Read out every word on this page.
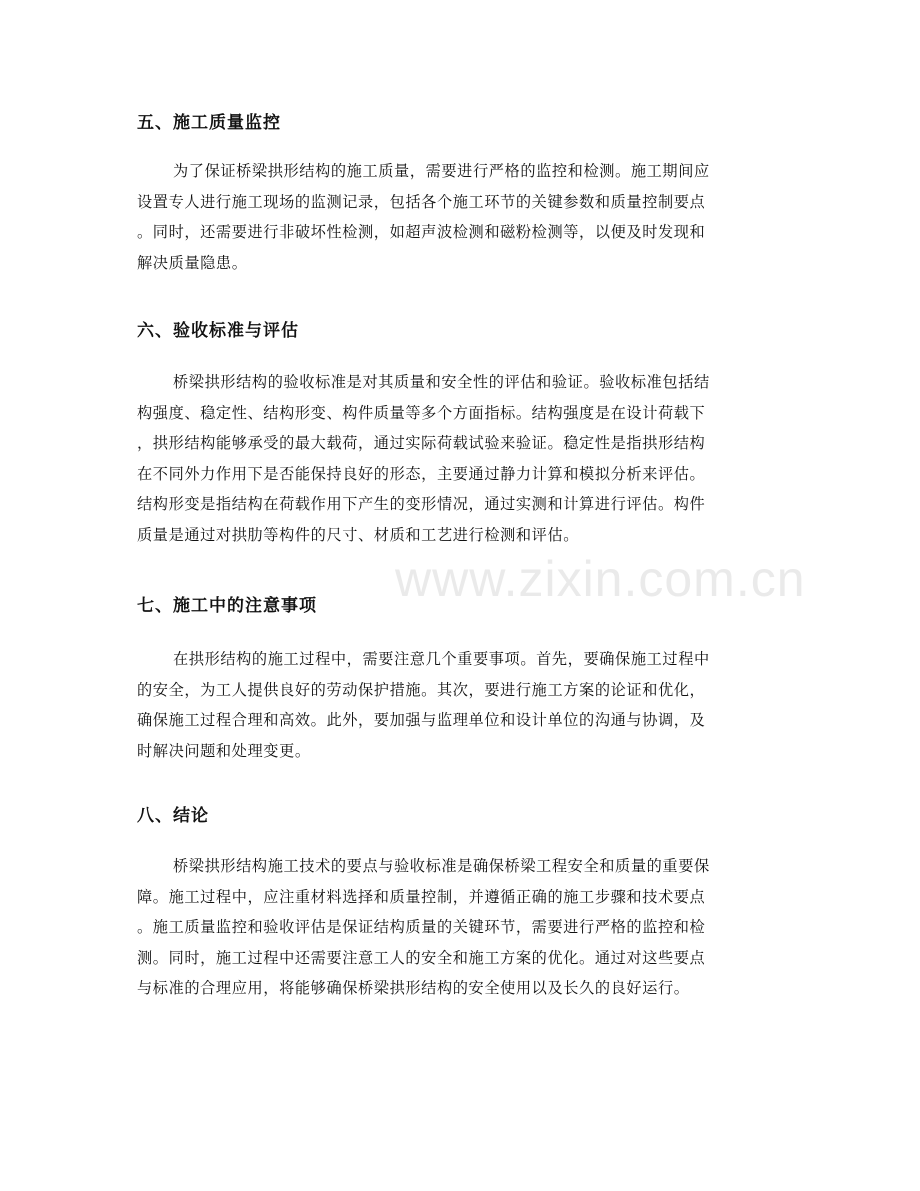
五、施工质量监控
为了保证桥梁拱形结构的施工质量，需要进行严格的监控和检测。施工期间应
设置专人进行施工现场的监测记录，包括各个施工环节的关键参数和质量控制要点
。同时，还需要进行非破坏性检测，如超声波检测和磁粉检测等，以便及时发现和
解决质量隐患。
六、验收标准与评估
桥梁拱形结构的验收标准是对其质量和安全性的评估和验证。验收标准包括结
构强度、稳定性、结构形变、构件质量等多个方面指标。结构强度是在设计荷载下
，拱形结构能够承受的最大载荷，通过实际荷载试验来验证。稳定性是指拱形结构
在不同外力作用下是否能保持良好的形态，主要通过静力计算和模拟分析来评估。
结构形变是指结构在荷载作用下产生的变形情况，通过实测和计算进行评估。构件
质量是通过对拱肋等构件的尺寸、材质和工艺进行检测和评估。
七、施工中的注意事项
在拱形结构的施工过程中，需要注意几个重要事项。首先，要确保施工过程中
的安全，为工人提供良好的劳动保护措施。其次，要进行施工方案的论证和优化，
确保施工过程合理和高效。此外，要加强与监理单位和设计单位的沟通与协调，及
时解决问题和处理变更。
八、结论
桥梁拱形结构施工技术的要点与验收标准是确保桥梁工程安全和质量的重要保
障。施工过程中，应注重材料选择和质量控制，并遵循正确的施工步骤和技术要点
。施工质量监控和验收评估是保证结构质量的关键环节，需要进行严格的监控和检
测。同时，施工过程中还需要注意工人的安全和施工方案的优化。通过对这些要点
与标准的合理应用，将能够确保桥梁拱形结构的安全使用以及长久的良好运行。
www.zixin.com.cn
